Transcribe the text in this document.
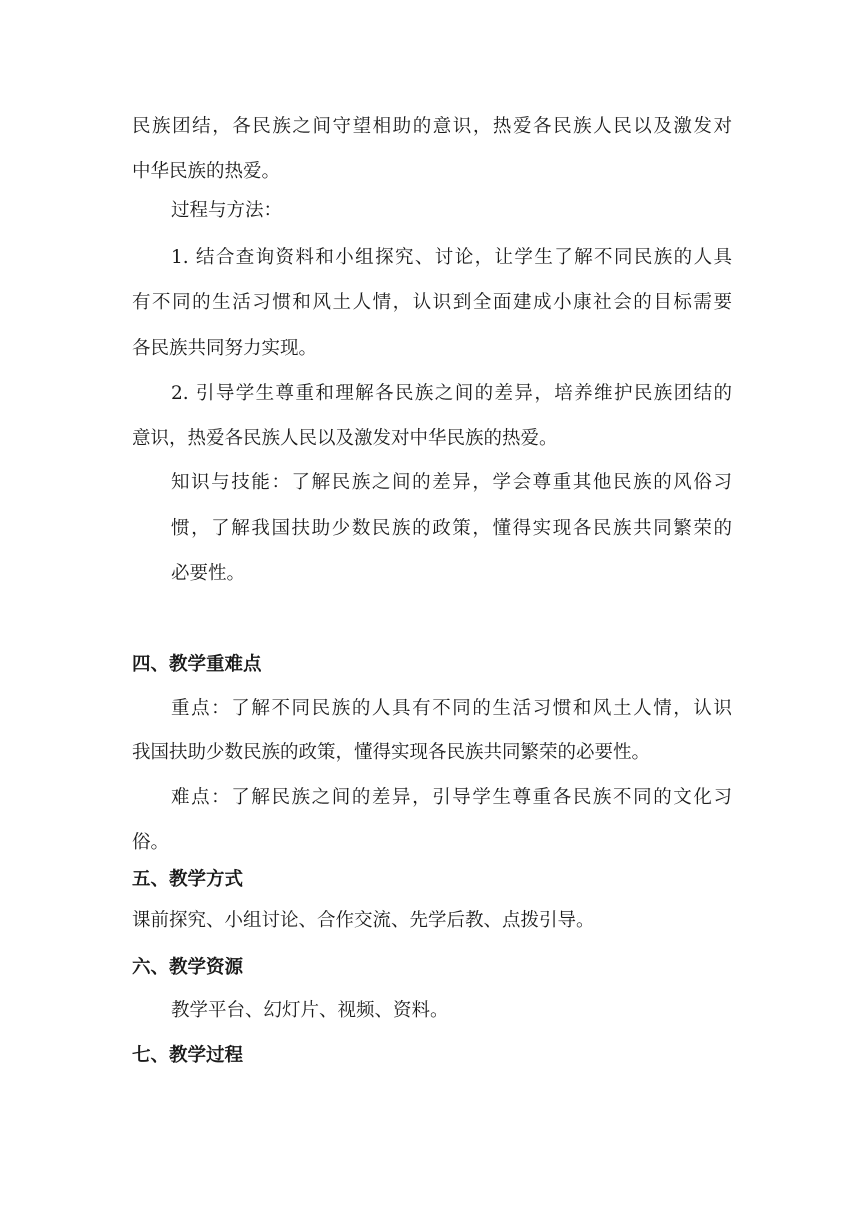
民族团结，各民族之间守望相助的意识，热爱各民族人民以及激发对
中华民族的热爱。
过程与方法：
1. 结合查询资料和小组探究、讨论，让学生了解不同民族的人具
有不同的生活习惯和风土人情，认识到全面建成小康社会的目标需要
各民族共同努力实现。
2. 引导学生尊重和理解各民族之间的差异，培养维护民族团结的
意识，热爱各民族人民以及激发对中华民族的热爱。
知识与技能：了解民族之间的差异，学会尊重其他民族的风俗习
惯，了解我国扶助少数民族的政策，懂得实现各民族共同繁荣的
必要性。
四、教学重难点
重点：了解不同民族的人具有不同的生活习惯和风土人情，认识
我国扶助少数民族的政策，懂得实现各民族共同繁荣的必要性。
难点：了解民族之间的差异，引导学生尊重各民族不同的文化习
俗。
五、教学方式
课前探究、小组讨论、合作交流、先学后教、点拨引导。
六、教学资源
教学平台、幻灯片、视频、资料。
七、教学过程
